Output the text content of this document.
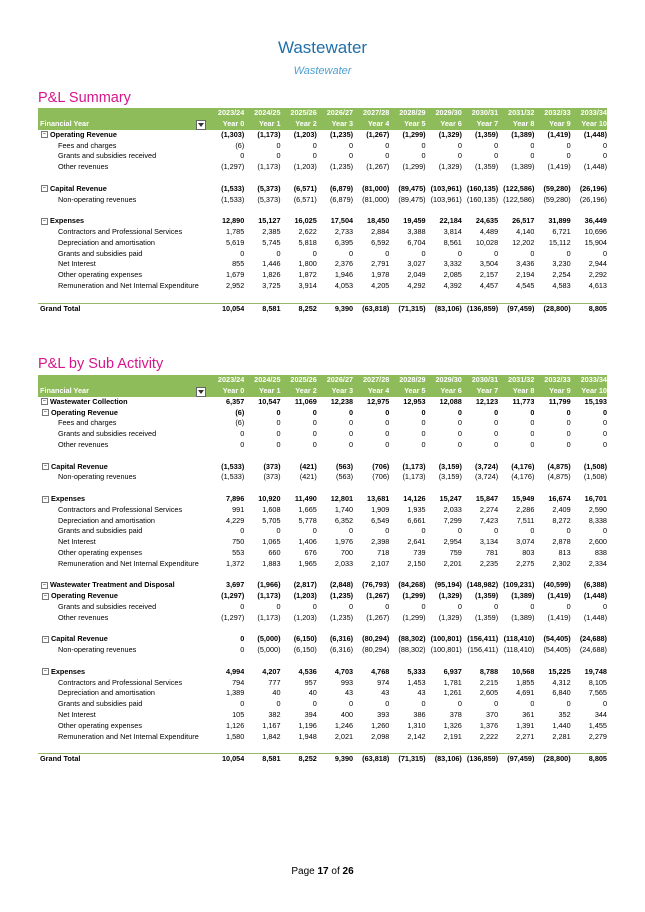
Wastewater
Wastewater
P&L Summary
	2023/24	2024/25	2025/26	2026/27	2027/28	2028/29	2029/30	2030/31	2031/32	2032/33	2033/34
Financial Year	Year 0	Year 1	Year 2	Year 3	Year 4	Year 5	Year 6	Year 7	Year 8	Year 9	Year 10
− Operating Revenue	(1,303)	(1,173)	(1,203)	(1,235)	(1,267)	(1,299)	(1,329)	(1,359)	(1,389)	(1,419)	(1,448)
Fees and charges	(6)	0	0	0	0	0	0	0	0	0	0
Grants and subsidies received	0	0	0	0	0	0	0	0	0	0	0
Other revenues	(1,297)	(1,173)	(1,203)	(1,235)	(1,267)	(1,299)	(1,329)	(1,359)	(1,389)	(1,419)	(1,448)

− Capital Revenue	(1,533)	(5,373)	(6,571)	(6,879)	(81,000)	(89,475)	(103,961)	(160,135)	(122,586)	(59,280)	(26,196)
Non-operating revenues	(1,533)	(5,373)	(6,571)	(6,879)	(81,000)	(89,475)	(103,961)	(160,135)	(122,586)	(59,280)	(26,196)

− Expenses	12,890	15,127	16,025	17,504	18,450	19,459	22,184	24,635	26,517	31,899	36,449
Contractors and Professional Services	1,785	2,385	2,622	2,733	2,884	3,388	3,814	4,489	4,140	6,721	10,696
Depreciation and amortisation	5,619	5,745	5,818	6,395	6,592	6,704	8,561	10,028	12,202	15,112	15,904
Grants and subsidies paid	0	0	0	0	0	0	0	0	0	0	0
Net Interest	855	1,446	1,800	2,376	2,791	3,027	3,332	3,504	3,436	3,230	2,944
Other operating expenses	1,679	1,826	1,872	1,946	1,978	2,049	2,085	2,157	2,194	2,254	2,292
Remuneration and Net Internal Expenditure	2,952	3,725	3,914	4,053	4,205	4,292	4,392	4,457	4,545	4,583	4,613

Grand Total	10,054	8,581	8,252	9,390	(63,818)	(71,315)	(83,106)	(136,859)	(97,459)	(28,800)	8,805
P&L by Sub Activity
	2023/24	2024/25	2025/26	2026/27	2027/28	2028/29	2029/30	2030/31	2031/32	2032/33	2033/34
Financial Year	Year 0	Year 1	Year 2	Year 3	Year 4	Year 5	Year 6	Year 7	Year 8	Year 9	Year 10
− Wastewater Collection	6,357	10,547	11,069	12,238	12,975	12,953	12,088	12,123	11,773	11,799	15,193
− Operating Revenue	(6)	0	0	0	0	0	0	0	0	0	0
Fees and charges	(6)	0	0	0	0	0	0	0	0	0	0
Grants and subsidies received	0	0	0	0	0	0	0	0	0	0	0
Other revenues	0	0	0	0	0	0	0	0	0	0	0

− Capital Revenue	(1,533)	(373)	(421)	(563)	(706)	(1,173)	(3,159)	(3,724)	(4,176)	(4,875)	(1,508)
Non-operating revenues	(1,533)	(373)	(421)	(563)	(706)	(1,173)	(3,159)	(3,724)	(4,176)	(4,875)	(1,508)

− Expenses	7,896	10,920	11,490	12,801	13,681	14,126	15,247	15,847	15,949	16,674	16,701
Contractors and Professional Services	991	1,608	1,665	1,740	1,909	1,935	2,033	2,274	2,286	2,409	2,590
Depreciation and amortisation	4,229	5,705	5,778	6,352	6,549	6,661	7,299	7,423	7,511	8,272	8,338
Grants and subsidies paid	0	0	0	0	0	0	0	0	0	0	0
Net Interest	750	1,065	1,406	1,976	2,398	2,641	2,954	3,134	3,074	2,878	2,600
Other operating expenses	553	660	676	700	718	739	759	781	803	813	838
Remuneration and Net Internal Expenditure	1,372	1,883	1,965	2,033	2,107	2,150	2,201	2,235	2,275	2,302	2,334

− Wastewater Treatment and Disposal	3,697	(1,966)	(2,817)	(2,848)	(76,793)	(84,268)	(95,194)	(148,982)	(109,231)	(40,599)	(6,388)
− Operating Revenue	(1,297)	(1,173)	(1,203)	(1,235)	(1,267)	(1,299)	(1,329)	(1,359)	(1,389)	(1,419)	(1,448)
Grants and subsidies received	0	0	0	0	0	0	0	0	0	0	0
Other revenues	(1,297)	(1,173)	(1,203)	(1,235)	(1,267)	(1,299)	(1,329)	(1,359)	(1,389)	(1,419)	(1,448)

− Capital Revenue	0	(5,000)	(6,150)	(6,316)	(80,294)	(88,302)	(100,801)	(156,411)	(118,410)	(54,405)	(24,688)
Non-operating revenues	0	(5,000)	(6,150)	(6,316)	(80,294)	(88,302)	(100,801)	(156,411)	(118,410)	(54,405)	(24,688)

− Expenses	4,994	4,207	4,536	4,703	4,768	5,333	6,937	8,788	10,568	15,225	19,748
Contractors and Professional Services	794	777	957	993	974	1,453	1,781	2,215	1,855	4,312	8,105
Depreciation and amortisation	1,389	40	40	43	43	43	1,261	2,605	4,691	6,840	7,565
Grants and subsidies paid	0	0	0	0	0	0	0	0	0	0	0
Net Interest	105	382	394	400	393	386	378	370	361	352	344
Other operating expenses	1,126	1,167	1,196	1,246	1,260	1,310	1,326	1,376	1,391	1,440	1,455
Remuneration and Net Internal Expenditure	1,580	1,842	1,948	2,021	2,098	2,142	2,191	2,222	2,271	2,281	2,279

Grand Total	10,054	8,581	8,252	9,390	(63,818)	(71,315)	(83,106)	(136,859)	(97,459)	(28,800)	8,805
Page 17 of 26
